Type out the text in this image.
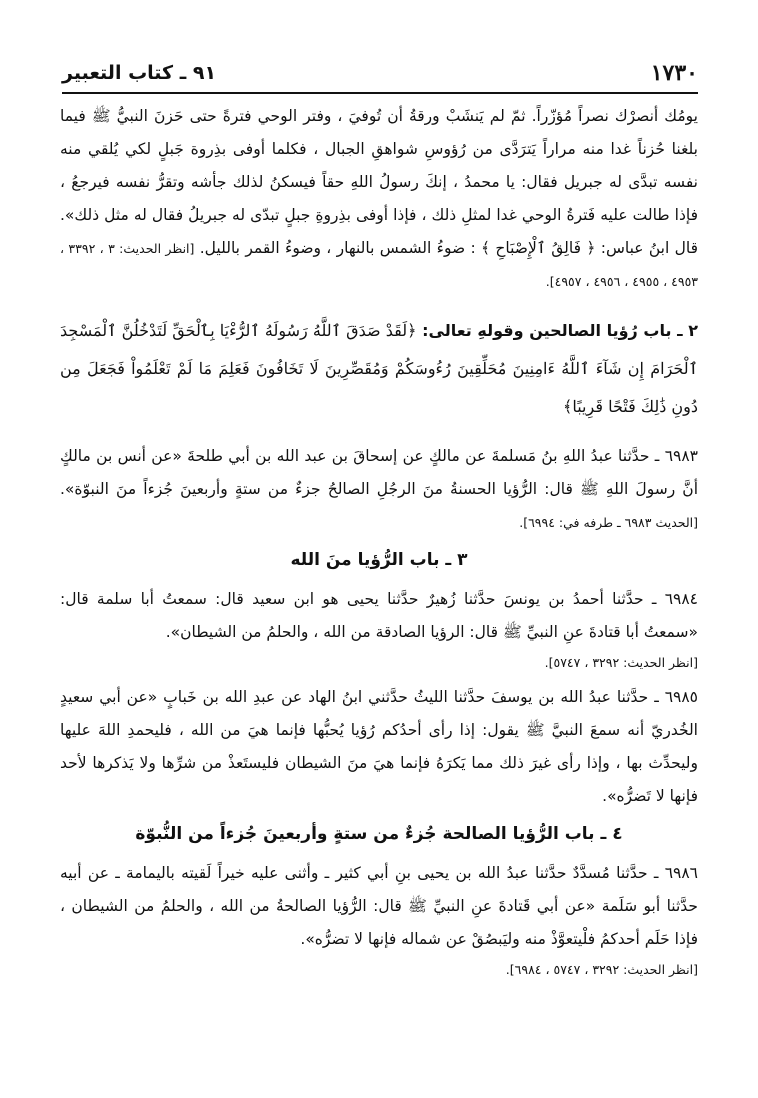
١٧٣٠
٩١ ـ كتاب التعبير

يومُك أنصرْك نصراً مُؤزّراً. ثمّ لم يَنشَبْ ورقةُ أن تُوفيَ ، وفتر الوحي فترةً حتى حَزنَ النبيُّ ﷺ فيما بلغنا حُزناً غدا منه مراراً يَترَدَّى من رُؤوسِ شواهقِ الجبال ، فكلما أوفى بذِروة جَبلٍ لكي يُلقي منه نفسه تبدَّى له جبريل فقال: يا محمدُ ، إنكَ رسولُ اللهِ حقاً فيسكنُ لذلك جأشه وتقرُّ نفسه فيرجعُ ، فإذا طالت عليه فَترةُ الوحي غدا لمثلِ ذلك ، فإذا أوفى بذِروةِ جبلٍ تبدّى له جبريلُ فقال له مثل ذلك». قال ابنُ عباس: ﴿ فَالِقُ ٱلْإِصْبَاحِ ﴾ : ضوءُ الشمس بالنهار ، وضوءُ القمر بالليل. [انظر الحديث: ٣ ، ٣٣٩٢ ، ٤٩٥٣ ، ٤٩٥٥ ، ٤٩٥٦ ، ٤٩٥٧].

٢ ـ باب رُؤيا الصالحين وقولهِ تعالى: ﴿لَقَدْ صَدَقَ ٱللَّهُ رَسُولَهُ ٱلرُّءْيَا بِٱلْحَقِّ لَتَدْخُلُنَّ ٱلْمَسْجِدَ ٱلْحَرَامَ إِن شَآءَ ٱللَّهُ ءَامِنِينَ مُحَلِّقِينَ رُءُوسَكُمْ وَمُقَصِّرِينَ لَا تَخَافُونَ فَعَلِمَ مَا لَمْ تَعْلَمُواْ فَجَعَلَ مِن دُونِ ذَٰلِكَ فَتْحًا قَرِيبًا﴾

٦٩٨٣ ـ حدَّثنا عبدُ اللهِ بنُ مَسلمةَ عن مالكٍ عن إسحاقَ بن عبد الله بن أبي طلحةَ «عن أنس بن مالكٍ أنَّ رسولَ اللهِ ﷺ قال: الرُّؤيا الحسنةُ منَ الرجُلِ الصالحُ جزءٌ من ستةٍ وأربعينَ جُزءاً منَ النبوّة». [الحديث ٦٩٨٣ ـ طرفه في: ٦٩٩٤].

٣ ـ باب الرُّؤيا منَ الله

٦٩٨٤ ـ حدَّثنا أحمدُ بن يونسَ حدَّثنا زُهيرٌ حدَّثنا يحيى هو ابن سعيد قال: سمعتُ أبا سلمة قال: «سمعتُ أبا قتادةَ عنِ النبيِّ ﷺ قال: الرؤيا الصادقة من الله ، والحلمُ من الشيطان».

[انظر الحديث: ٣٢٩٢ ، ٥٧٤٧].

٦٩٨٥ ـ حدَّثنا عبدُ الله بن يوسفَ حدَّثنا الليثُ حدَّثني ابنُ الهاد عن عبدِ الله بن خَبابٍ «عن أبي سعيدٍ الخُدريّ أنه سمعَ النبيَّ ﷺ يقول: إذا رأى أحدُكم رُؤيا يُحبُّها فإنما هيَ من الله ، فليحمدِ اللهَ عليها وليحدِّث بها ، وإذا رأى غيرَ ذلك مما يَكرَهُ فإنما هيَ منَ الشيطان فليستَعذْ من شرِّها ولا يَذكرها لأحد فإنها لا تَضرُّه».

٤ ـ باب الرُّؤيا الصالحة جُزءٌ من ستةٍ وأربعينَ جُزءاً من النُّبوّة

٦٩٨٦ ـ حدَّثنا مُسدَّدٌ حدَّثنا عبدُ الله بن يحيى بنِ أبي كثير ـ وأثنى عليه خيراً لَقيته باليمامة ـ عن أبيه حدَّثنا أبو سَلَمة «عن أبي قَتادةَ عنِ النبيِّ ﷺ قال: الرُّؤيا الصالحةُ من الله ، والحلمُ من الشيطان ، فإذا حَلَم أحدكمُ فلْيتعوَّذْ منه وليَبصُقْ عن شماله فإنها لا تضرُّه».

[انظر الحديث: ٣٢٩٢ ، ٥٧٤٧ ، ٦٩٨٤].
